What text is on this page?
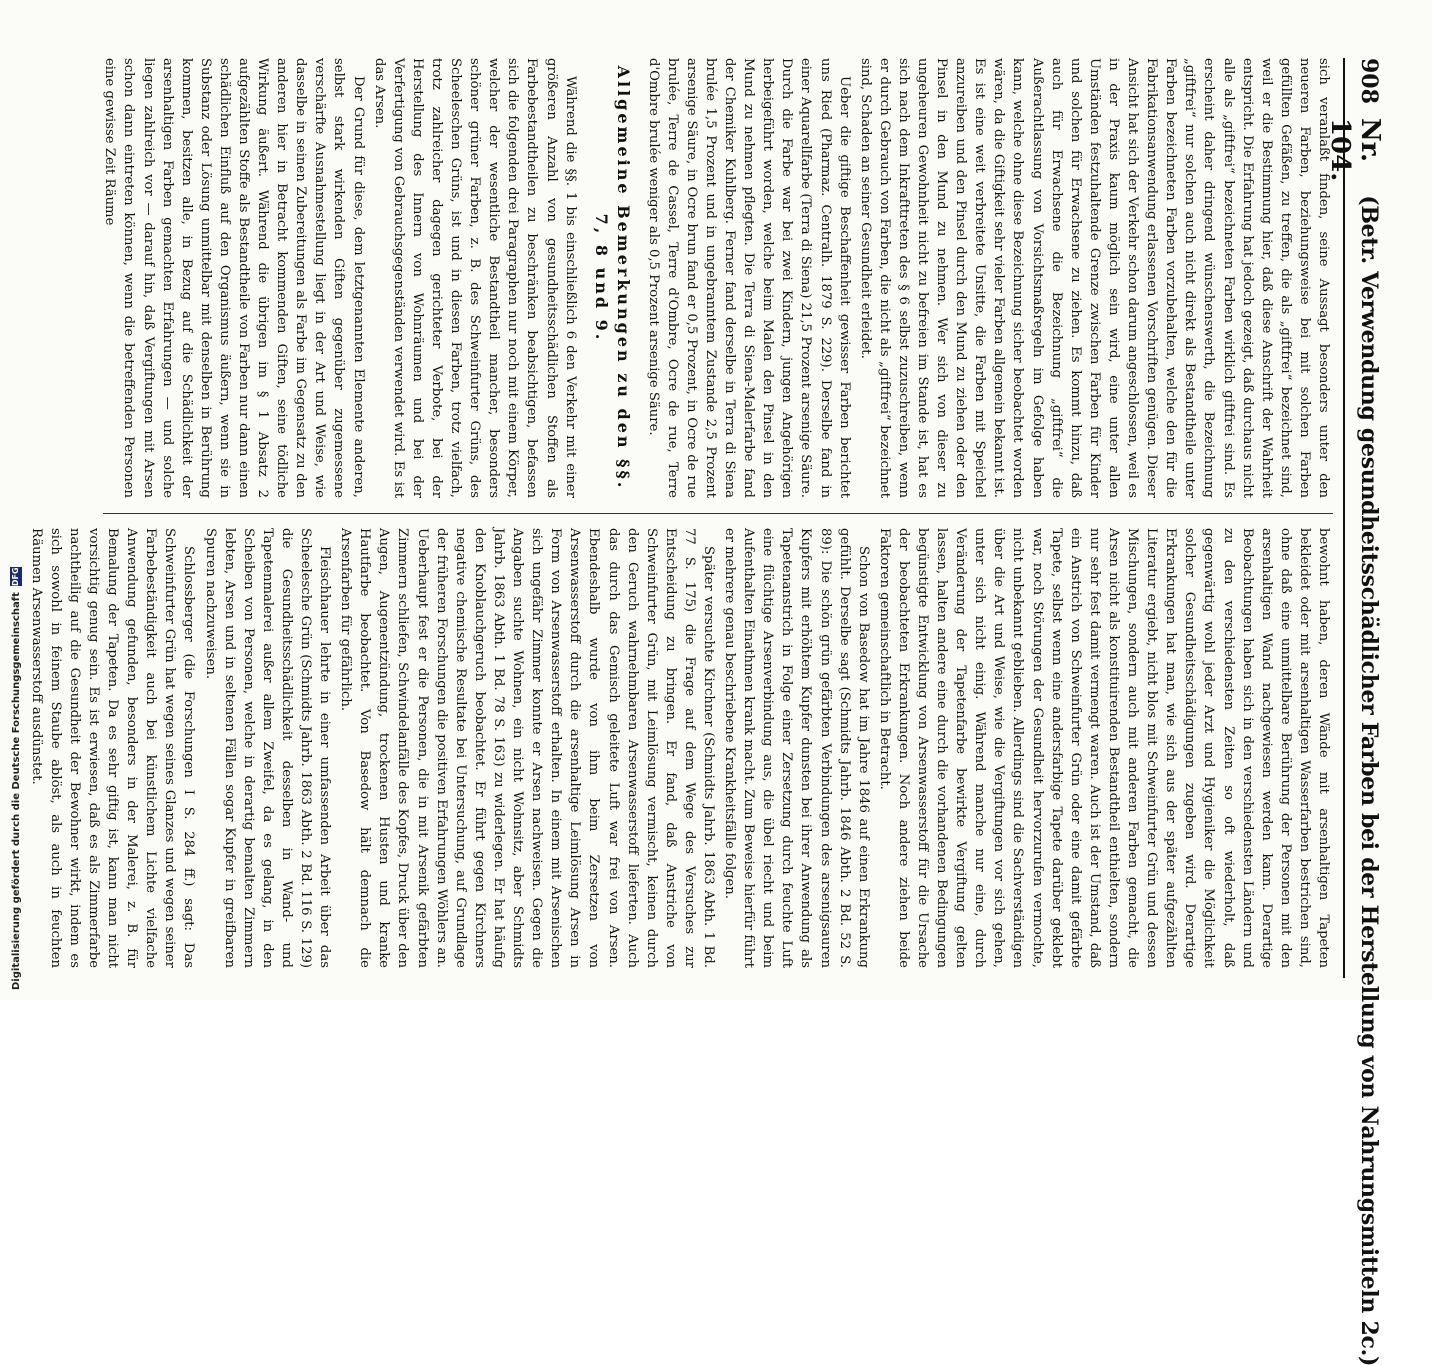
908
Nr. 104.
(Betr. Verwendung gesundheitsschädlicher Farben bei der Herstellung von Nahrungsmitteln 2c.)

sich veranlaßt finden, seine Aussagt besonders unter den neueren Farben, beziehungsweise bei mit solchen Farben gefüllten Gefäßen, zu treffen, die als „giftfrei“ bezeichnet sind, weil er die Bestimmung hier, daß diese Anschrift der Wahrheit entspricht. Die Erfahrung hat jedoch gezeigt, daß durchaus nicht alle als „giftfrei“ bezeichneten Farben wirklich giftfrei sind. Es erscheint daher dringend wünschenswerth, die Bezeichnung „giftfrei“ nur solchen auch nicht direkt als Bestandtheile unter Farben bezeichneten Farben vorzubehalten, welche den für die Fabrikationsanwendung erlassenen Vorschriften genügen. Dieser Ansicht hat sich der Verkehr schon darum angeschlossen, weil es in der Praxis kaum möglich sein wird, eine unter allen Umständen festzuhaltende Grenze zwischen Farben für Kinder und solchen für Erwachsene zu ziehen. Es kommt hinzu, daß auch für Erwachsene die Bezeichnung „giftfrei“ die Außerachtlassung von Vorsichtsmaßregeln im Gefolge haben kann, welche ohne diese Bezeichnung sicher beobachtet worden wären, da die Giftigkeit sehr vieler Farben allgemein bekannt ist. Es ist eine weit verbreitete Unsitte, die Farben mit Speichel anzureiben und den Pinsel durch den Mund zu ziehen oder den Pinsel in den Mund zu nehmen. Wer sich von dieser zu ungeheuren Gewohnheit nicht zu befreien im Stande ist, hat es sich nach dem Inkrafttreten des § 6 selbst zuzuschreiben, wenn er durch Gebrauch von Farben, die nicht als „giftfrei“ bezeichnet sind, Schaden an seiner Gesundheit erleidet.

Ueber die giftige Beschaffenheit gewisser Farben berichtet uns Ried (Pharmaz. Centralh. 1879 S. 229). Derselbe fand in einer Aquarellfarbe (Terra di Siena) 21,5 Prozent arsenige Säure. Durch die Farbe war bei zwei Kindern, jungen Angehörigen herbeigeführt worden, welche beim Malen den Pinsel in den Mund zu nehmen pflegten. Die Terra di Siena-Malerfarbe fand der Chemiker Kuhlberg. Ferner fand derselbe in Terra di Siena brulée 1,5 Prozent und in ungebranntem Zustande 2,5 Prozent arsenige Säure, in Ocre brun fand er 0,5 Prozent, in Ocre de rue brulée, Terre de Cassel, Terre d'Ombre, Ocre de rue, Terre d'Ombre brulée weniger als 0,5 Prozent arsenige Säure.

Allgemeine Bemerkungen zu den §§. 7, 8 und 9.

Während die §§. 1 bis einschließlich 6 den Verkehr mit einer größeren Anzahl von gesundheitsschädlichen Stoffen als Farbebestandtheilen zu beschränken beabsichtigen, befassen sich die folgenden drei Paragraphen nur noch mit einem Körper, welcher der wesentliche Bestandtheil mancher, besonders schöner grüner Farben, z. B. des Schweinfurter Grüns, des Scheeleschen Grüns, ist und in diesen Farben, trotz vielfach, trotz zahlreicher dagegen gerichteter Verbote, bei der Herstellung des Innern von Wohnräumen und bei der Verfertigung von Gebrauchsgegenständen verwendet wird. Es ist das Arsen.

Der Grund für diese, dem letztgenannten Elemente anderen, selbst stark wirkenden Giften gegenüber zugemessene verschärfte Ausnahmestellung liegt in der Art und Weise, wie dasselbe in seinen Zubereitungen als Farbe im Gegensatz zu den anderen hier in Betracht kommenden Giften, seine tödliche Wirkung äußert. Während die übrigen im § 1 Absatz 2 aufgezählten Stoffe als Bestandtheile von Farben nur dann einen schädlichen Einfluß auf den Organismus äußern, wenn sie in Substanz oder Lösung unmittelbar mit denselben in Berührung kommen, besitzen alle, in Bezug auf die Schädlichkeit der arsenhaltigen Farben gemachten Erfahrungen — und solche liegen zahlreich vor — darauf hin, daß Vergiftungen mit Arsen schon dann eintreten können, wenn die betreffenden Personen eine gewisse Zeit Räume

bewohnt haben, deren Wände mit arsenhaltigen Tapeten bekleidet oder mit arsenhaltigen Wasserfarben bestrichen sind, ohne daß eine unmittelbare Berührung der Personen mit den arsenhaltigen Wand nachgewiesen werden kann. Derartige Beobachtungen haben sich in den verschiedensten Ländern und zu den verschiedensten Zeiten so oft wiederholt, daß gegenwärtig wohl jeder Arzt und Hygieniker die Möglichkeit solcher Gesundheitsschädigungen zugeben wird. Derartige Erkrankungen hat man, wie sich aus der später aufgezählten Literatur ergiebt, nicht blos mit Schweinfurter Grün und dessen Mischungen, sondern auch mit anderen Farben gemacht, die Arsen nicht als konstituirenden Bestandtheil enthielten, sondern nur sehr fest damit vermengt waren. Auch ist der Umstand, daß ein Anstrich von Schweinfurter Grün oder eine damit gefärbte Tapete, selbst wenn eine andersfarbige Tapete darüber geklebt war, noch Störungen der Gesundheit hervorzurufen vermochte, nicht unbekannt geblieben. Allerdings sind die Sachverständigen über die Art und Weise, wie die Vergiftungen vor sich gehen, unter sich nicht einig. Während manche nur eine, durch Veränderung der Tapetenfarbe bewirkte Vergiftung gelten lassen, halten andere eine durch die vorhandenen Bedingungen begünstigte Entwicklung von Arsenwasserstoff für die Ursache der beobachteten Erkrankungen. Noch andere ziehen beide Faktoren gemeinschaftlich in Betracht.

Schon von Basedow hat im Jahre 1846 auf einen Erkrankung gefühlt. Derselbe sagt (Schmidts Jahrb. 1846 Abth. 2 Bd. 52 S. 89): Die schön grün gefärbten Verbindungen des arsenigsauren Kupfers mit erhöhtem Kupfer dunsten bei ihrer Anwendung als Tapetenanstrich in Folge einer Zersetzung durch feuchte Luft eine flüchtige Arsenverbindung aus, die übel riecht und beim Aufenthalten Einathmen krank macht. Zum Beweise hierfür führt er mehrere genau beschriebene Krankheitsfälle folgen.

Später versuchte Kirchner (Schmidts Jahrb. 1863 Abth. 1 Bd. 77 S. 175) die Frage auf dem Wege des Versuches zur Entscheidung zu bringen. Er fand, daß Anstriche von Schweinfurter Grün, mit Leimlösung vermischt, keinen durch den Geruch wahrnehmbaren Arsenwasserstoff lieferten. Auch das durch das Gemisch geleitete Luft war frei von Arsen. Ebendeshalb wurde von ihm beim Zersetzen von Arsenwasserstoff durch die arsenhaltige Leimlösung Arsen in Form von Arsenwasserstoff erhalten. In einem mit Arsenischen sich ungefähr Zimmer konnte er Arsen nachweisen. Gegen die Angaben suchte Wohnen, ein nicht Wohnsitz, aber Schmidts Jahrb. 1863 Abth. 1 Bd. 78 S. 163) zu widerlegen. Er hat häufig den Knoblauchgeruch beobachtet. Er führt gegen Kirchners negative chemische Resultate bei Untersuchung, auf Grundlage der früheren Forschungen die positiven Erfahrungen Wöhlers an. Ueberhaupt fest er die Personen, die in mit Arsenik gefärbten Zimmern schliefen, Schwindelanfälle des Kopfes, Druck über den Augen, Augenentzündung, trockenen Husten und kranke Hautfarbe beobachtet. Von Basedow hält demnach die Arsenfarben für gefährlich.

Fleischhauer lehrte in einer umfassenden Arbeit über das Scheelesche Grün (Schmidts Jahrb. 1863 Abth. 2 Bd. 116 S. 129) die Gesundheitsschädlichkeit desselben in Wand- und Tapetenmalerei außer allem Zweifel, da es gelang, in den Scheiben von Personen, welche in derartig bemalten Zimmern lebten, Arsen und in seltenen Fällen sogar Kupfer in greifbaren Spuren nachzuweisen.

Schlossberger (die Forschungen I S. 284 ff.) sagt: Das Schweinfurter Grün hat wegen seines Glanzes und wegen seiner Farbebeständigkeit auch bei künstlichem Lichte vielfache Anwendung gefunden, besonders in der Malerei, z. B. für Bemalung der Tapeten. Da es sehr giftig ist, kann man nicht vorsichtig genug sein. Es ist erwiesen, daß es als Zimmerfarbe nachtheilig auf die Gesundheit der Bewohner wirkt, indem es sich sowohl in feinem Staube ablöst, als auch in feuchten Räumen Arsenwasserstoff ausdünstet.

Digitalisierung gefördert durch die Deutsche Forschungsgemeinschaft
DFG
